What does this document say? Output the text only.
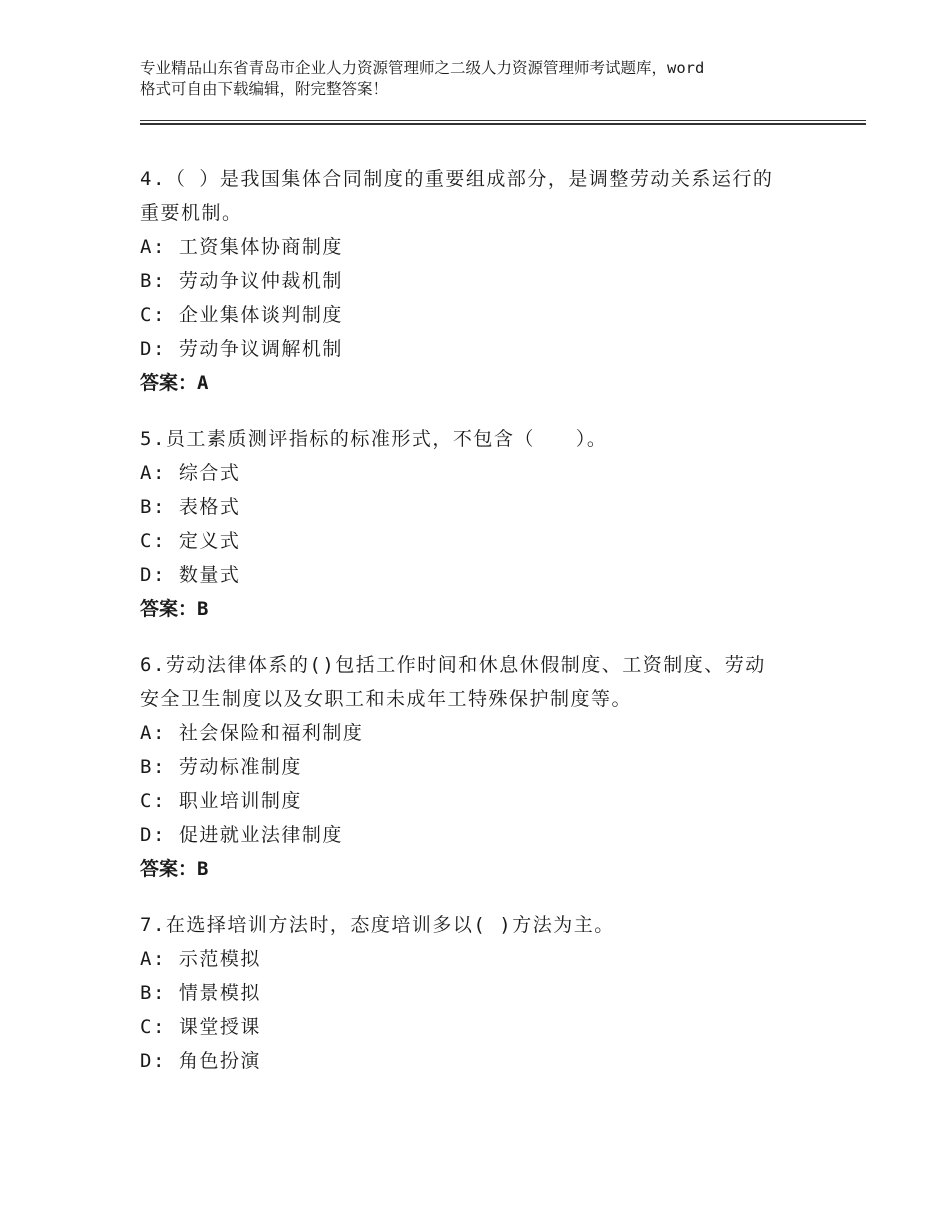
专业精品山东省青岛市企业人力资源管理师之二级人力资源管理师考试题库，word
格式可自由下载编辑，附完整答案！
4.（ ）是我国集体合同制度的重要组成部分，是调整劳动关系运行的
重要机制。
A: 工资集体协商制度
B: 劳动争议仲裁机制
C: 企业集体谈判制度
D: 劳动争议调解机制
答案：A
5.员工素质测评指标的标准形式，不包含（　　）。
A: 综合式
B: 表格式
C: 定义式
D: 数量式
答案：B
6.劳动法律体系的()包括工作时间和休息休假制度、工资制度、劳动
安全卫生制度以及女职工和未成年工特殊保护制度等。
A: 社会保险和福利制度
B: 劳动标准制度
C: 职业培训制度
D: 促进就业法律制度
答案：B
7.在选择培训方法时，态度培训多以( )方法为主。
A: 示范模拟
B: 情景模拟
C: 课堂授课
D: 角色扮演
